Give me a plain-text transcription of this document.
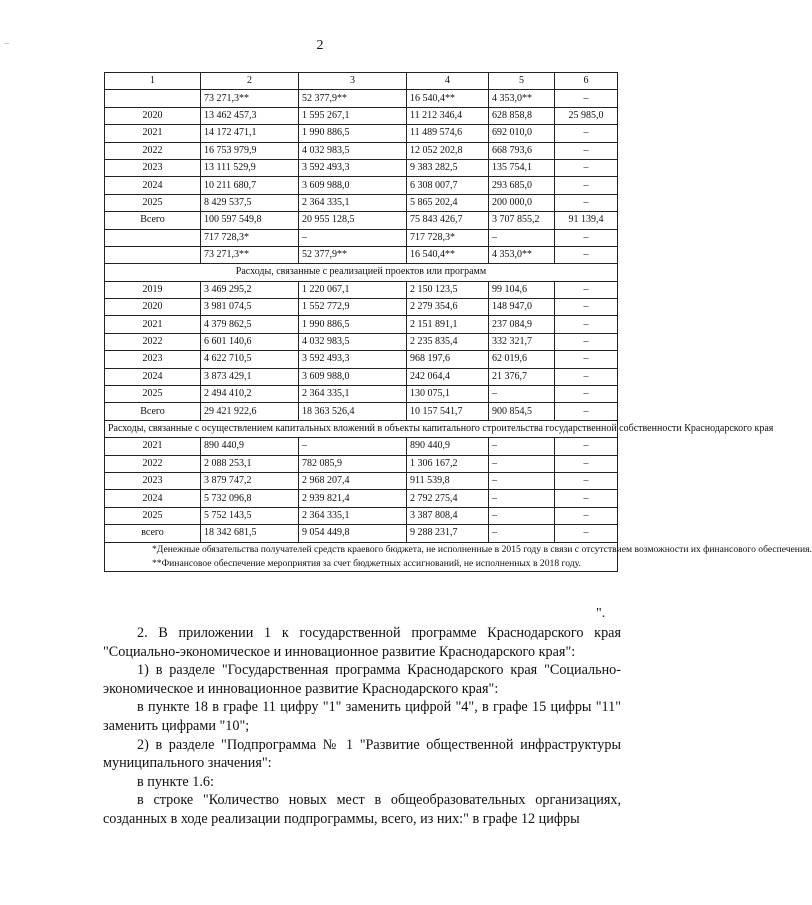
–	2
1	2	3	4	5	6
	73 271,3**	52 377,9**	16 540,4**	4 353,0**	–
2020	13 462 457,3	1 595 267,1	11 212 346,4	628 858,8	25 985,0
2021	14 172 471,1	1 990 886,5	11 489 574,6	692 010,0	–
2022	16 753 979,9	4 032 983,5	12 052 202,8	668 793,6	–
2023	13 111 529,9	3 592 493,3	9 383 282,5	135 754,1	–
2024	10 211 680,7	3 609 988,0	6 308 007,7	293 685,0	–
2025	8 429 537,5	2 364 335,1	5 865 202,4	200 000,0	–
Всего	100 597 549,8	20 955 128,5	75 843 426,7	3 707 855,2	91 139,4
	717 728,3*	–	717 728,3*	–	–
	73 271,3**	52 377,9**	16 540,4**	4 353,0**	–
Расходы, связанные с реализацией проектов или программ					
2019	3 469 295,2	1 220 067,1	2 150 123,5	99 104,6	–
2020	3 981 074,5	1 552 772,9	2 279 354,6	148 947,0	–
2021	4 379 862,5	1 990 886,5	2 151 891,1	237 084,9	–
2022	6 601 140,6	4 032 983,5	2 235 835,4	332 321,7	–
2023	4 622 710,5	3 592 493,3	968 197,6	62 019,6	–
2024	3 873 429,1	3 609 988,0	242 064,4	21 376,7	–
2025	2 494 410,2	2 364 335,1	130 075,1	–	–
Всего	29 421 922,6	18 363 526,4	10 157 541,7	900 854,5	–
Расходы, связанные с осуществлением капитальных вложений в объекты капитального строительства государственной собственности Краснодарского края					
2021	890 440,9	–	890 440,9	–	–
2022	2 088 253,1	782 085,9	1 306 167,2	–	–
2023	3 879 747,2	2 968 207,4	911 539,8	–	–
2024	5 732 096,8	2 939 821,4	2 792 275,4	–	–
2025	5 752 143,5	2 364 335,1	3 387 808,4	–	–
всего	18 342 681,5	9 054 449,8	9 288 231,7	–	–

*Денежные обязательства получателей средств краевого бюджета, не исполненные в 2015 году в связи с отсутствием возможности их финансового обеспечения.

**Финансовое обеспечение мероприятия за счет бюджетных ассигнований, не исполненных в 2018 году.					

".

2. В приложении 1 к государственной программе Краснодарского края "Социально-экономическое и инновационное развитие Краснодарского края":

1) в разделе "Государственная программа Краснодарского края "Социально-экономическое и инновационное развитие Краснодарского края":

в пункте 18 в графе 11 цифру "1" заменить цифрой "4", в графе 15 цифры "11" заменить цифрами "10";

2) в разделе "Подпрограмма № 1 "Развитие общественной инфраструктуры муниципального значения":

в пункте 1.6:

в строке "Количество новых мест в общеобразовательных организациях, созданных в ходе реализации подпрограммы, всего, из них:" в графе 12 цифры
